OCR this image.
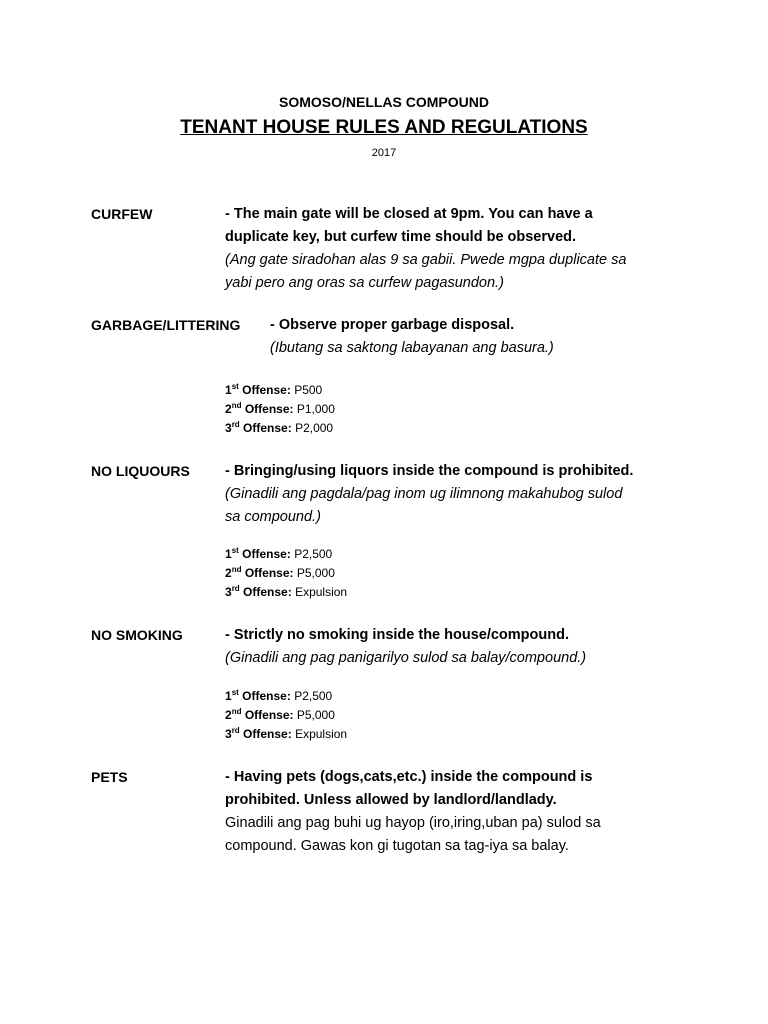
SOMOSO/NELLAS COMPOUND
TENANT HOUSE RULES AND REGULATIONS
2017
CURFEW	- The main gate will be closed at 9pm. You can have a
duplicate key, but curfew time should be observed.
(Ang gate siradohan alas 9 sa gabii. Pwede mgpa duplicate sa
yabi pero ang oras sa curfew pagasundon.)
GARBAGE/LITTERING - Observe proper garbage disposal.
(Ibutang sa saktong labayanan ang basura.)
1st Offense: P500
2nd Offense: P1,000
3rd Offense: P2,000
NO LIQUOURS - Bringing/using liquors inside the compound is prohibited.
(Ginadili ang pagdala/pag inom ug ilimnong makahubog sulod
sa compound.)
1st Offense: P2,500
2nd Offense: P5,000
3rd Offense: Expulsion
NO SMOKING	- Strictly no smoking inside the house/compound.
(Ginadili ang pag panigarilyo sulod sa balay/compound.)
1st Offense: P2,500
2nd Offense: P5,000
3rd Offense: Expulsion
PETS	- Having pets (dogs,cats,etc.) inside the compound is
prohibited. Unless allowed by landlord/landlady.
Ginadili ang pag buhi ug hayop (iro,iring,uban pa) sulod sa
compound. Gawas kon gi tugotan sa tag-iya sa balay.
